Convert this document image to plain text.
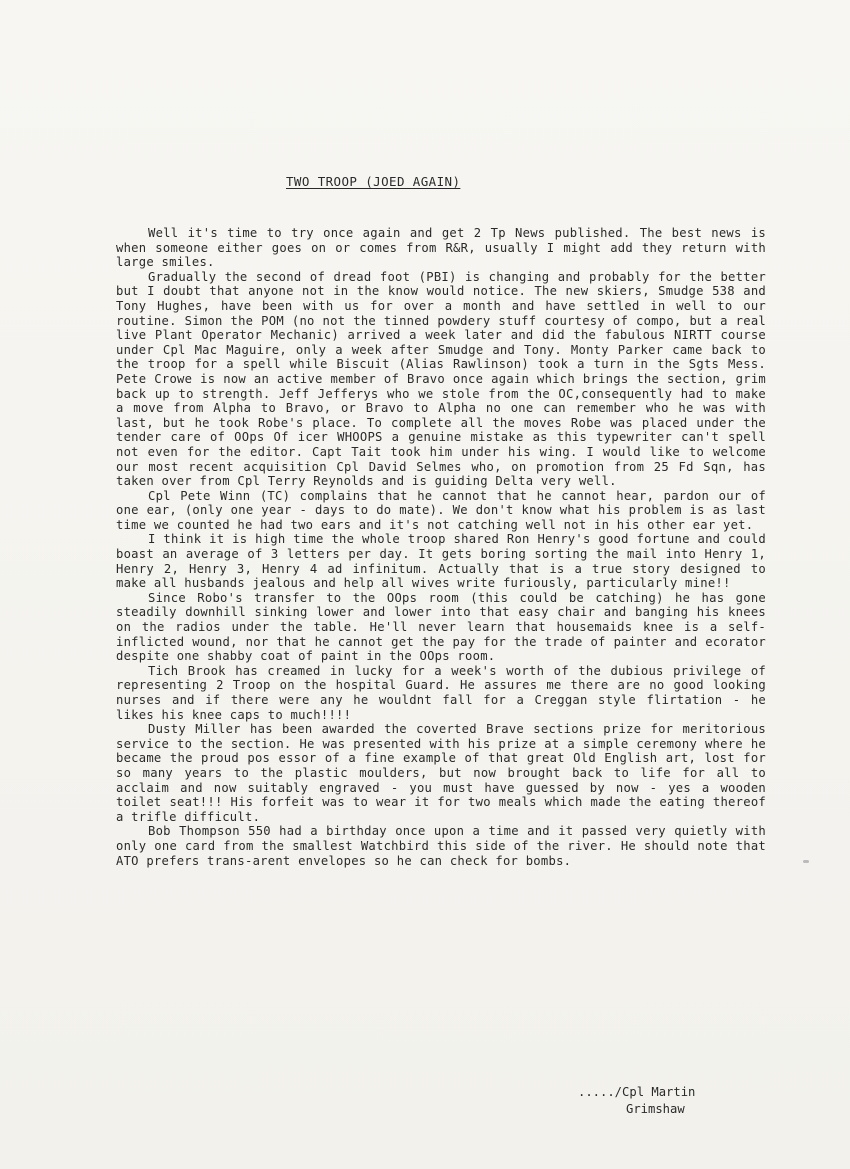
TWO TROOP (JOED AGAIN)

Well it's time to try once again and get 2 Tp News published. The best news is when someone either goes on or comes from R&R, usually I might add they return with large smiles.

Gradually the second of dread foot (PBI) is changing and probably for the better but I doubt that anyone not in the know would notice. The new skiers, Smudge 538 and Tony Hughes, have been with us for over a month and have settled in well to our routine. Simon the POM (no not the tinned powdery stuff courtesy of compo, but a real live Plant Operator Mechanic) arrived a week later and did the fabulous NIRTT course under Cpl Mac Maguire, only a week after Smudge and Tony. Monty Parker came back to the troop for a spell while Biscuit (Alias Rawlinson) took a turn in the Sgts Mess. Pete Crowe is now an active member of Bravo once again which brings the section, grim back up to strength. Jeff Jefferys who we stole from the OC,consequently had to make a move from Alpha to Bravo, or Bravo to Alpha no one can remember who he was with last, but he took Robe's place. To complete all the moves Robe was placed under the tender care of OOps Of icer WHOOPS a genuine mistake as this typewriter can't spell not even for the editor. Capt Tait took him under his wing. I would like to welcome our most recent acquisition Cpl David Selmes who, on promotion from 25 Fd Sqn, has taken over from Cpl Terry Reynolds and is guiding Delta very well.

Cpl Pete Winn (TC) complains that he cannot that he cannot hear, pardon our of one ear, (only one year - days to do mate). We don't know what his problem is as last time we counted he had two ears and it's not catching well not in his other ear yet.

I think it is high time the whole troop shared Ron Henry's good fortune and could boast an average of 3 letters per day. It gets boring sorting the mail into Henry 1, Henry 2, Henry 3, Henry 4 ad infinitum. Actually that is a true story designed to make all husbands jealous and help all wives write furiously, particularly mine!!

Since Robo's transfer to the OOps room (this could be catching) he has gone steadily downhill sinking lower and lower into that easy chair and banging his knees on the radios under the table. He'll never learn that housemaids knee is a self-inflicted wound, nor that he cannot get the pay for the trade of painter and ecorator despite one shabby coat of paint in the OOps room.

Tich Brook has creamed in lucky for a week's worth of the dubious privilege of representing 2 Troop on the hospital Guard. He assures me there are no good looking nurses and if there were any he wouldnt fall for a Creggan style flirtation - he likes his knee caps to much!!!!

Dusty Miller has been awarded the coverted Brave sections prize for meritorious service to the section. He was presented with his prize at a simple ceremony where he became the proud pos essor of a fine example of that great Old English art, lost for so many years to the plastic moulders, but now brought back to life for all to acclaim and now suitably engraved - you must have guessed by now - yes a wooden toilet seat!!! His forfeit was to wear it for two meals which made the eating thereof a trifle difficult.

Bob Thompson 550 had a birthday once upon a time and it passed very quietly with only one card from the smallest Watchbird this side of the river. He should note that ATO prefers trans-arent envelopes so he can check for bombs.

...../Cpl Martin
Grimshaw
